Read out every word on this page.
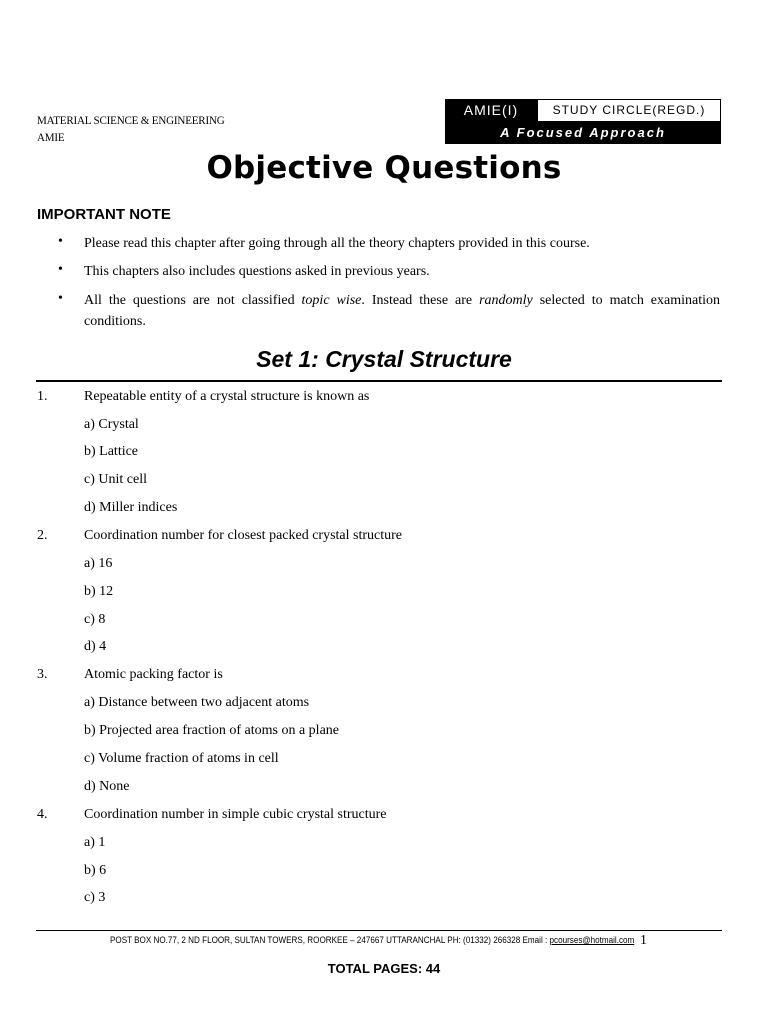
MATERIAL SCIENCE & ENGINEERING
AMIE
AMIE(I)	STUDY CIRCLE(REGD.)
A Focused Approach
Objective Questions
IMPORTANT NOTE
• Please read this chapter after going through all the theory chapters provided in this course.
• This chapters also includes questions asked in previous years.
• All the questions are not classified topic wise. Instead these are randomly selected to match examination conditions.
Set 1: Crystal Structure
1.	Repeatable entity of a crystal structure is known as
a) Crystal
b) Lattice
c) Unit cell
d) Miller indices
2.	Coordination number for closest packed crystal structure
a) 16
b) 12
c) 8
d) 4
3.	Atomic packing factor is
a) Distance between two adjacent atoms
b) Projected area fraction of atoms on a plane
c) Volume fraction of atoms in cell
d) None
4.	Coordination number in simple cubic crystal structure
a) 1
b) 6
c) 3
POST BOX NO.77, 2 ND FLOOR, SULTAN TOWERS, ROORKEE – 247667 UTTARANCHAL PH: (01332) 266328 Email : pcourses@hotmail.com 1
TOTAL PAGES: 44
